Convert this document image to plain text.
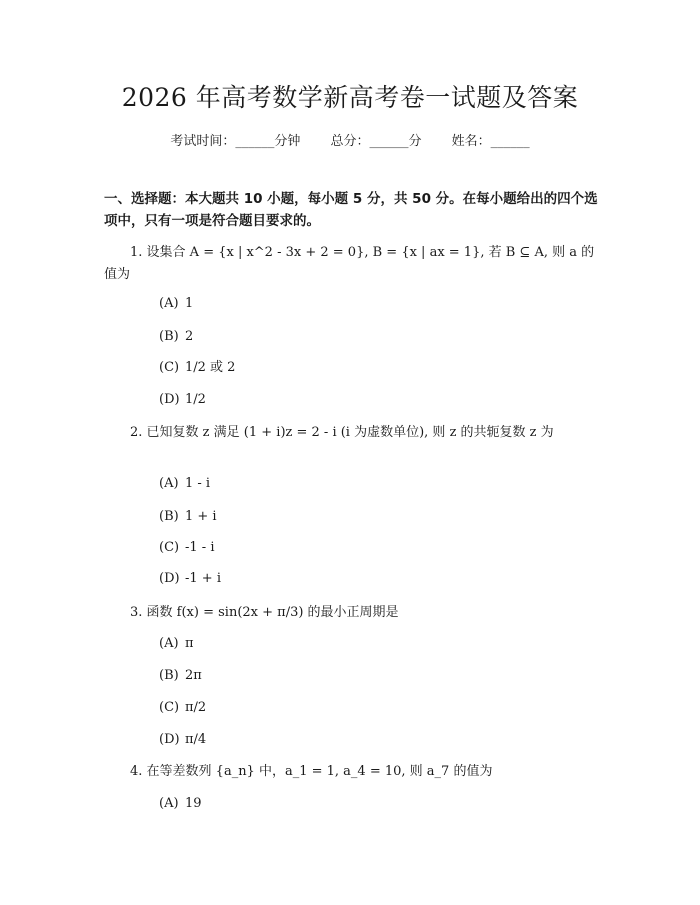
2026 年高考数学新高考卷一试题及答案
考试时间：______分钟 总分：______分 姓名：______
一、选择题：本大题共 10 小题，每小题 5 分，共 50 分。在每小题给出的四个选项中，只有一项是符合题目要求的。
1. 设集合 A = {x | x^2 - 3x + 2 = 0}, B = {x | ax = 1}, 若 B ⊆ A, 则 a 的值为
(A) 1
(B) 2
(C) 1/2 或 2
(D) 1/2
2. 已知复数 z 满足 (1 + i)z = 2 - i (i 为虚数单位), 则 z 的共轭复数 z 为
(A) 1 - i
(B) 1 + i
(C) -1 - i
(D) -1 + i
3. 函数 f(x) = sin(2x + π/3) 的最小正周期是
(A) π
(B) 2π
(C) π/2
(D) π/4
4. 在等差数列 {a_n} 中，a_1 = 1, a_4 = 10, 则 a_7 的值为
(A) 19
